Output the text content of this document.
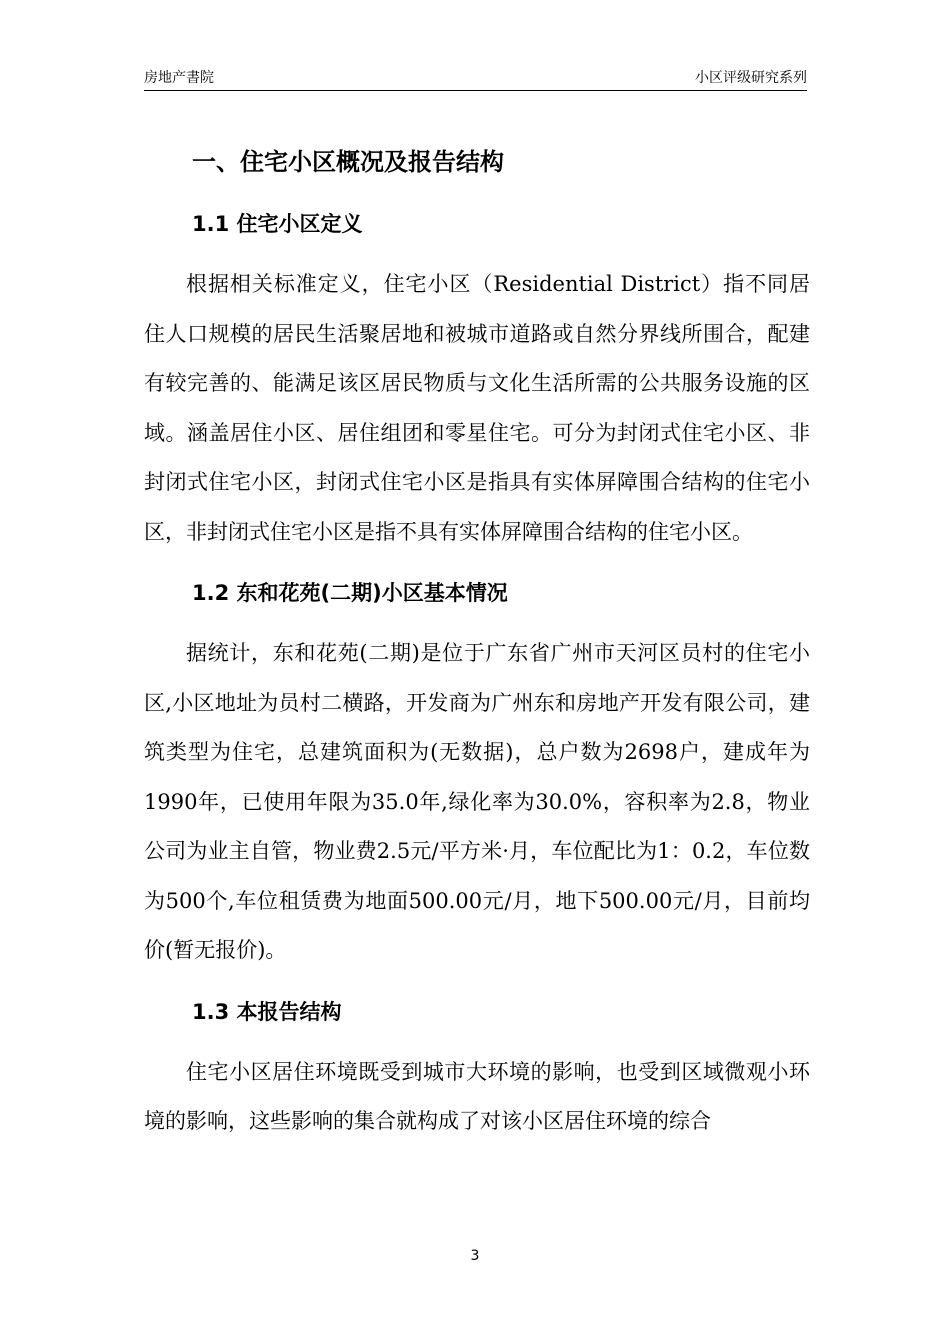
房地产書院	小区评级研究系列
一、住宅小区概况及报告结构
1.1 住宅小区定义

根据相关标准定义，住宅小区（Residential District）指不同居住人口规模的居民生活聚居地和被城市道路或自然分界线所围合，配建有较完善的、能满足该区居民物质与文化生活所需的公共服务设施的区域。涵盖居住小区、居住组团和零星住宅。可分为封闭式住宅小区、非封闭式住宅小区，封闭式住宅小区是指具有实体屏障围合结构的住宅小区，非封闭式住宅小区是指不具有实体屏障围合结构的住宅小区。

1.2 东和花苑(二期)小区基本情况

据统计，东和花苑(二期)是位于广东省广州市天河区员村的住宅小区,小区地址为员村二横路，开发商为广州东和房地产开发有限公司，建筑类型为住宅，总建筑面积为(无数据)，总户数为2698户，建成年为1990年，已使用年限为35.0年,绿化率为30.0%，容积率为2.8，物业公司为业主自管，物业费2.5元/平方米·月，车位配比为1：0.2，车位数为500个,车位租赁费为地面500.00元/月，地下500.00元/月，目前均价(暂无报价)。

1.3 本报告结构

住宅小区居住环境既受到城市大环境的影响，也受到区域微观小环境的影响，这些影响的集合就构成了对该小区居住环境的综合

3
